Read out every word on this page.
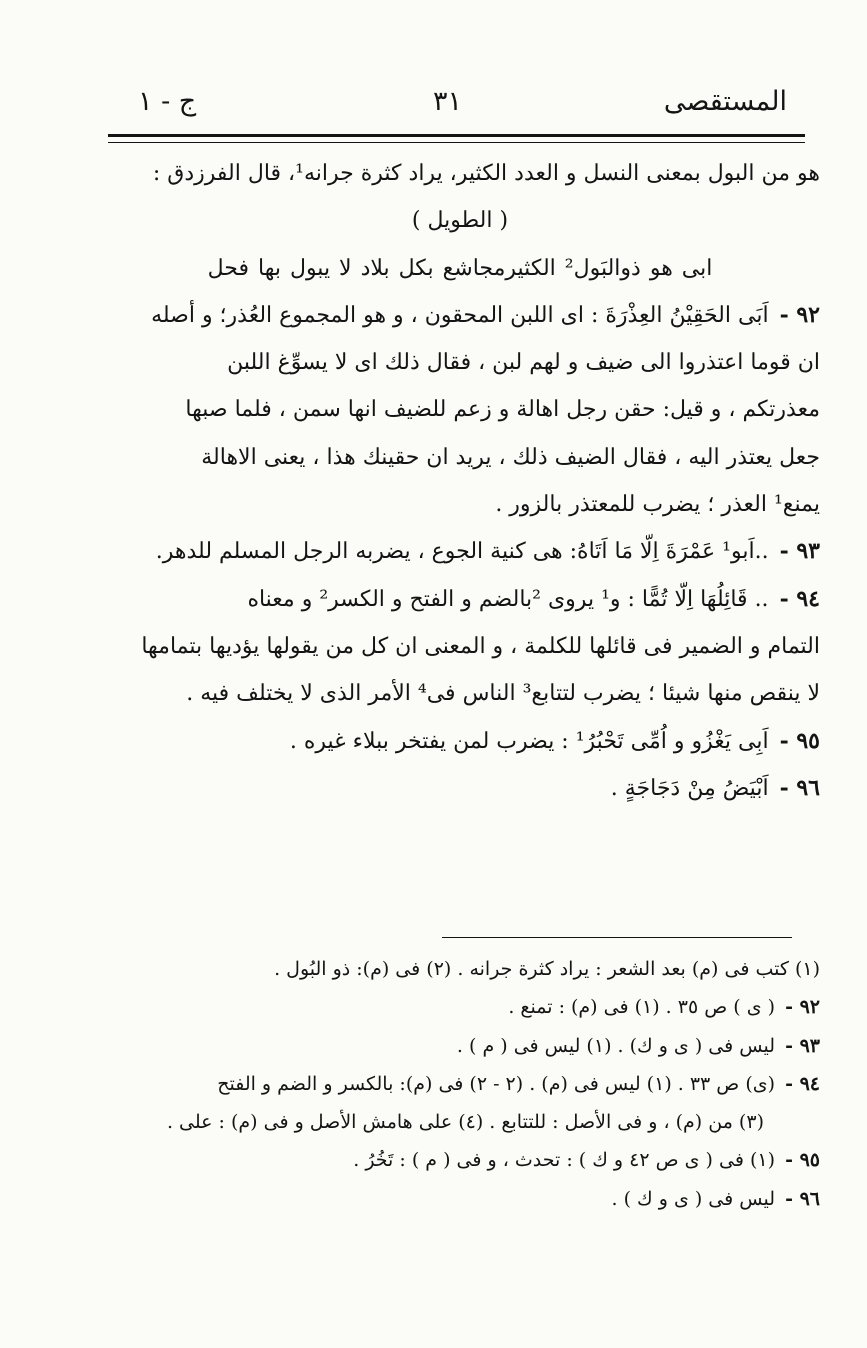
المستقصى
٣١
ج - ١
هو من البول بمعنى النسل و العدد الكثير، يراد كثرة جرانه¹، قال الفرزدق :
( الطويل )
ابى هو ذوالبَول² الكثيرمجاشع بكل بلاد لا يبول بها فحل
٩٢ - اَبَى الحَقِيْنُ العِذْرَةَ : اى اللبن المحقون ، و هو المجموع العُذر؛ و أصله
ان قوما اعتذروا الى ضيف و لهم لبن ، فقال ذلك اى لا يسوِّغ اللبن
معذرتكم ، و قيل: حقن رجل اهالة و زعم للضيف انها سمن ، فلما صبها
جعل يعتذر اليه ، فقال الضيف ذلك ، يريد ان حقينك هذا ، يعنى الاهالة
يمنع¹ العذر ؛ يضرب للمعتذر بالزور .
٩٣ - ..اَبو¹ عَمْرَةَ اِلّا مَا اَتَاهُ: هى كنية الجوع ، يضربه الرجل المسلم للدهر.
٩٤ - .. قَائِلُهَا اِلّا تُمًّا : و¹ يروى ²بالضم و الفتح و الكسر² و معناه
التمام و الضمير فى قائلها للكلمة ، و المعنى ان كل من يقولها يؤديها بتمامها
لا ينقص منها شيئا ؛ يضرب لتتابع³ الناس فى⁴ الأمر الذى لا يختلف فيه .
٩٥ - اَبِى يَغْزُو و اُمِّى تَحْبُرُ¹ : يضرب لمن يفتخر ببلاء غيره .
٩٦ - اَبْيَضُ مِنْ دَجَاجَةٍ .
(١) كتب فى (م) بعد الشعر : يراد كثرة جرانه . (٢) فى (م): ذو البُول .
٩٢ - ( ى ) ص ٣٥ . (١) فى (م) : تمنع .
٩٣ - ليس فى ( ى و ك) . (١) ليس فى ( م ) .
٩٤ - (ى) ص ٣٣ . (١) ليس فى (م) . (٢ - ٢) فى (م): بالكسر و الضم و الفتح
(٣) من (م) ، و فى الأصل : للتتابع . (٤) على هامش الأصل و فى (م) : على .
٩٥ - (١) فى ( ى ص ٤٢ و ك ) : تحدث ، و فى ( م ) : تَخُرُ .
٩٦ - ليس فى ( ى و ك ) .
